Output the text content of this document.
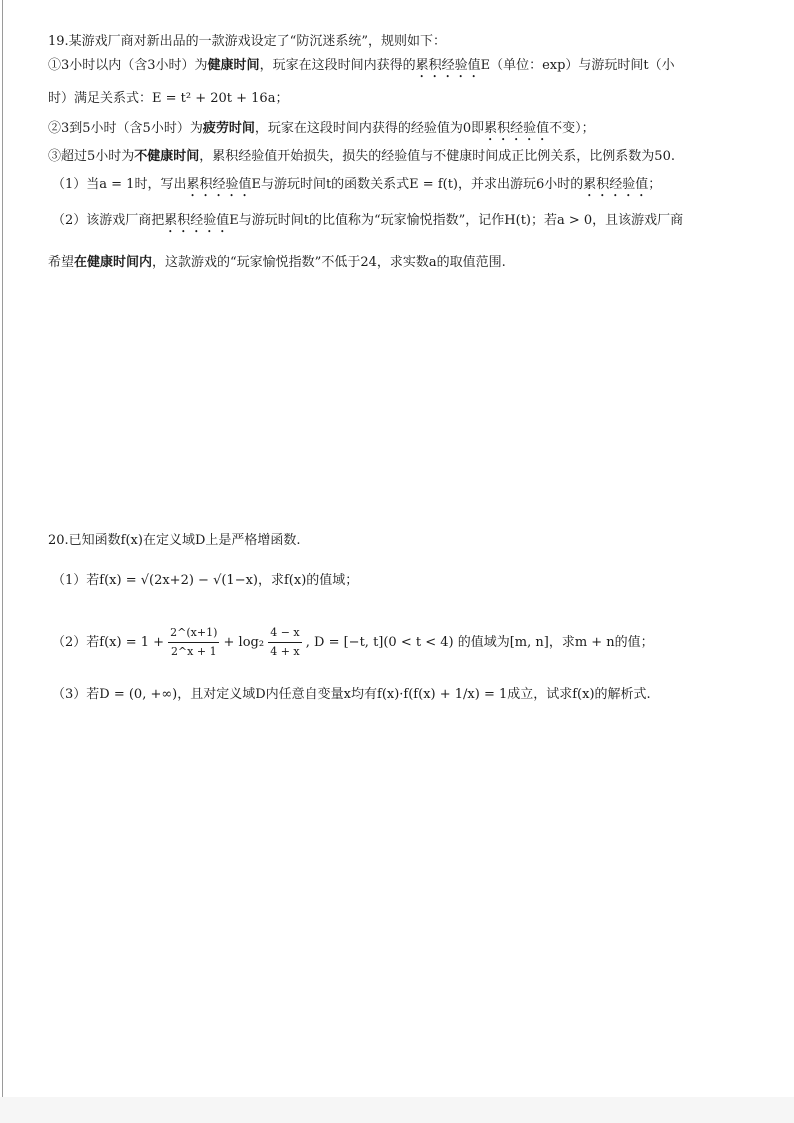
19.某游戏厂商对新出品的一款游戏设定了“防沉迷系统”，规则如下：
①3小时以内（含3小时）为健康时间，玩家在这段时间内获得的累积经验值E（单位：exp）与游玩时间t（小
时）满足关系式：E = t² + 20t + 16a；
②3到5小时（含5小时）为疲劳时间，玩家在这段时间内获得的经验值为0即累积经验值不变）；
③超过5小时为不健康时间，累积经验值开始损失，损失的经验值与不健康时间成正比例关系，比例系数为50.
（1）当a = 1时，写出累积经验值E与游玩时间t的函数关系式E = f(t)，并求出游玩6小时的累积经验值；
（2）该游戏厂商把累积经验值E与游玩时间t的比值称为“玩家愉悦指数”，记作H(t)；若a > 0，且该游戏厂商
希望在健康时间内，这款游戏的“玩家愉悦指数”不低于24，求实数a的取值范围.
20.已知函数f(x)在定义域D上是严格增函数.
（1）若f(x) = √(2x+2) − √(1−x)，求f(x)的值域；
（2）若$f(x) = 1 + \frac{2\^{}(x+1)}{2\^{}x + 1} + \log_2 \frac{4 - x}{4 + x}$ , D = [−t, t](0 < t < 4) 的值域为[m, n]，求m + n的值；
（3）若D = (0, +∞)，且对定义域D内任意自变量x均有f(x)·f(f(x) + 1/x) = 1成立，试求f(x)的解析式.
